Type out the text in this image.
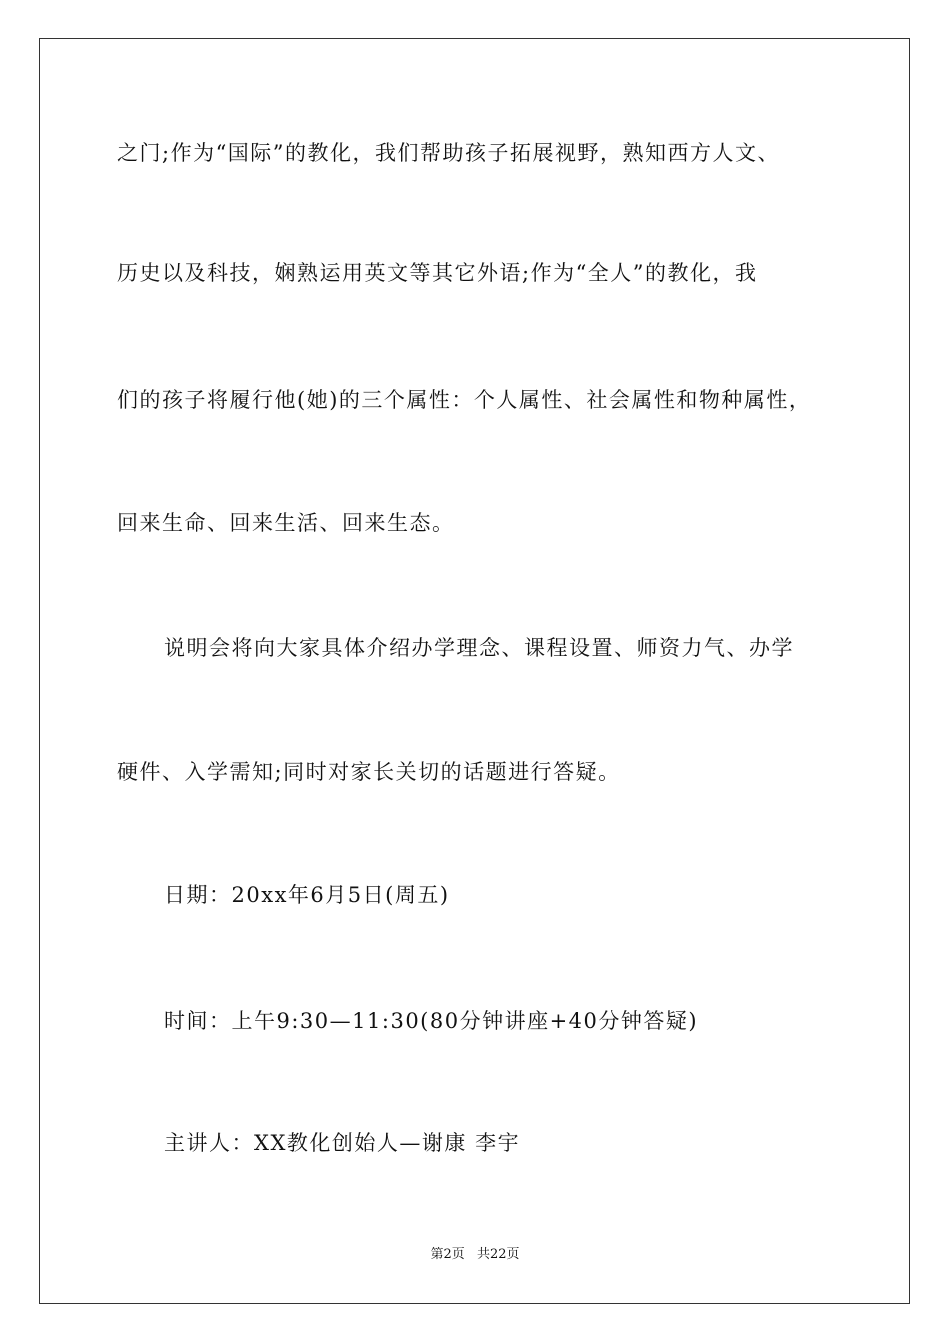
之门;作为“国际”的教化，我们帮助孩子拓展视野，熟知西方人文、
历史以及科技，娴熟运用英文等其它外语;作为“全人”的教化，我
们的孩子将履行他(她)的三个属性：个人属性、社会属性和物种属性，
回来生命、回来生活、回来生态。
说明会将向大家具体介绍办学理念、课程设置、师资力气、办学
硬件、入学需知;同时对家长关切的话题进行答疑。
日期：20xx年6月5日(周五)
时间：上午9:30—11:30(80分钟讲座+40分钟答疑)
主讲人：XX教化创始人—谢康 李宇
第2页 共22页
